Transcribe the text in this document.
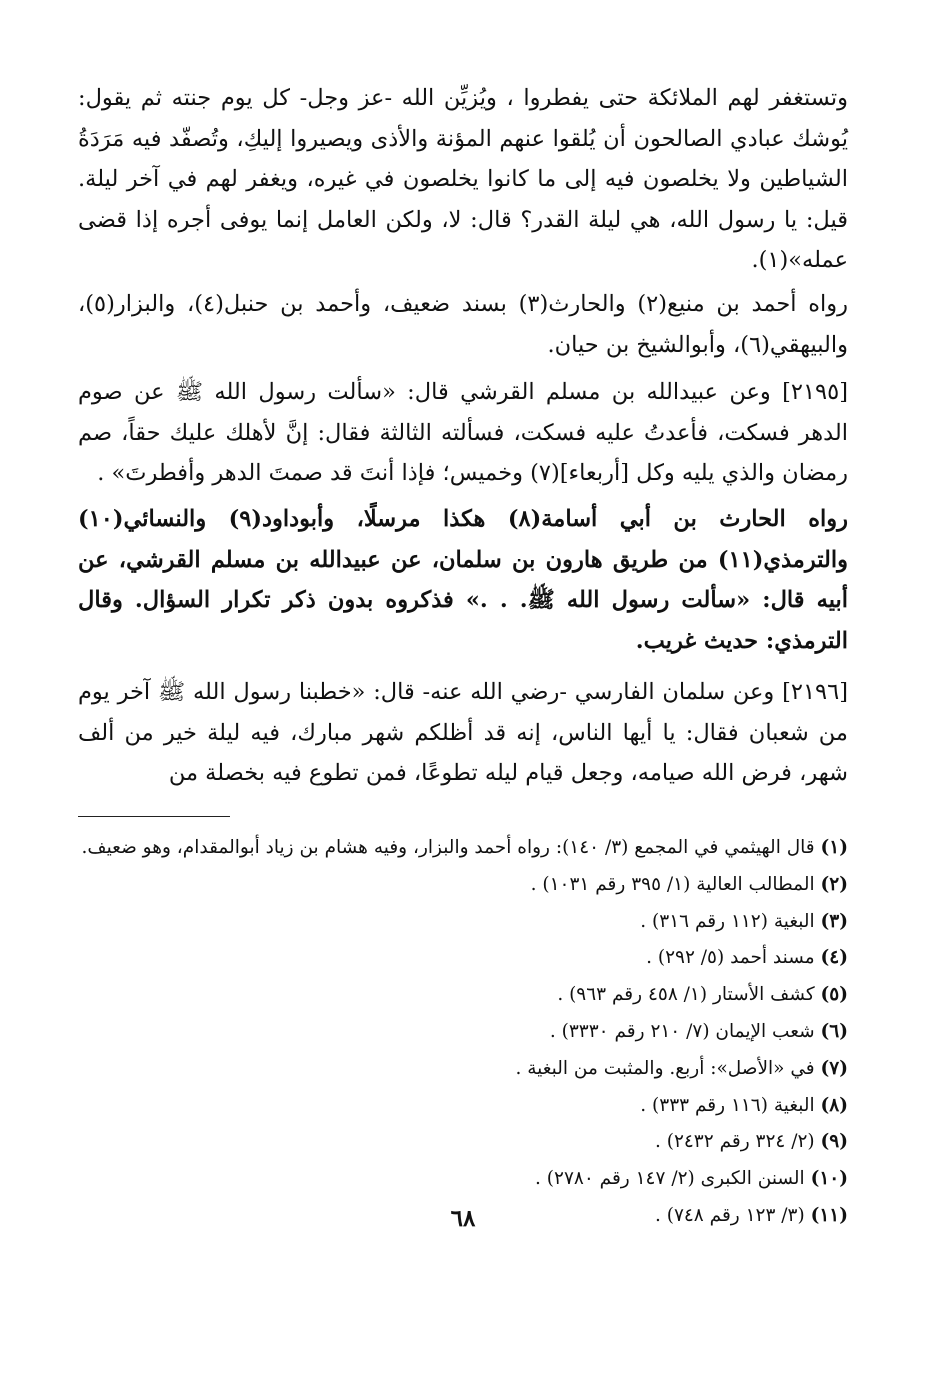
وتستغفر لهم الملائكة حتى يفطروا ، ويُزيِّن الله -عز وجل- كل يوم جنته ثم يقول: يُوشك عبادي الصالحون أن يُلقوا عنهم المؤنة والأذى ويصيروا إليكِ، وتُصفّد فيه مَرَدَةُ الشياطين ولا يخلصون فيه إلى ما كانوا يخلصون في غيره، ويغفر لهم في آخر ليلة. قيل: يا رسول الله، هي ليلة القدر؟ قال: لا، ولكن العامل إنما يوفى أجره إذا قضى عمله»(١).

رواه أحمد بن منيع(٢) والحارث(٣) بسند ضعيف، وأحمد بن حنبل(٤)، والبزار(٥)، والبيهقي(٦)، وأبوالشيخ بن حيان.

[٢١٩٥] وعن عبيدالله بن مسلم القرشي قال: «سألت رسول الله ﷺ عن صوم الدهر فسكت، فأعدتُ عليه فسكت، فسألته الثالثة فقال: إنَّ لأهلك عليك حقاً، صم رمضان والذي يليه وكل [أربعاء](٧) وخميس؛ فإذا أنتَ قد صمتَ الدهر وأفطرتَ» .

رواه الحارث بن أبي أسامة(٨) هكذا مرسلًا، وأبوداود(٩) والنسائي(١٠) والترمذي(١١) من طريق هارون بن سلمان، عن عبيدالله بن مسلم القرشي، عن أبيه قال: «سألت رسول الله ﷺ. . .» فذكروه بدون ذكر تكرار السؤال. وقال الترمذي: حديث غريب.

[٢١٩٦] وعن سلمان الفارسي -رضي الله عنه- قال: «خطبنا رسول الله ﷺ آخر يوم من شعبان فقال: يا أيها الناس، إنه قد أظلكم شهر مبارك، فيه ليلة خير من ألف شهر، فرض الله صيامه، وجعل قيام ليله تطوعًا، فمن تطوع فيه بخصلة من

(١) قال الهيثمي في المجمع (٣/ ١٤٠): رواه أحمد والبزار، وفيه هشام بن زياد أبوالمقدام، وهو ضعيف.
(٢) المطالب العالية (١/ ٣٩٥ رقم ١٠٣١) .
(٣) البغية (١١٢ رقم ٣١٦) .
(٤) مسند أحمد (٥/ ٢٩٢) .
(٥) كشف الأستار (١/ ٤٥٨ رقم ٩٦٣) .
(٦) شعب الإيمان (٧/ ٢١٠ رقم ٣٣٣٠) .
(٧) في «الأصل»: أربع. والمثبت من البغية .
(٨) البغية (١١٦ رقم ٣٣٣) .
(٩) (٢/ ٣٢٤ رقم ٢٤٣٢) .
(١٠) السنن الكبرى (٢/ ١٤٧ رقم ٢٧٨٠) .
(١١) (٣/ ١٢٣ رقم ٧٤٨) .
٦٨
